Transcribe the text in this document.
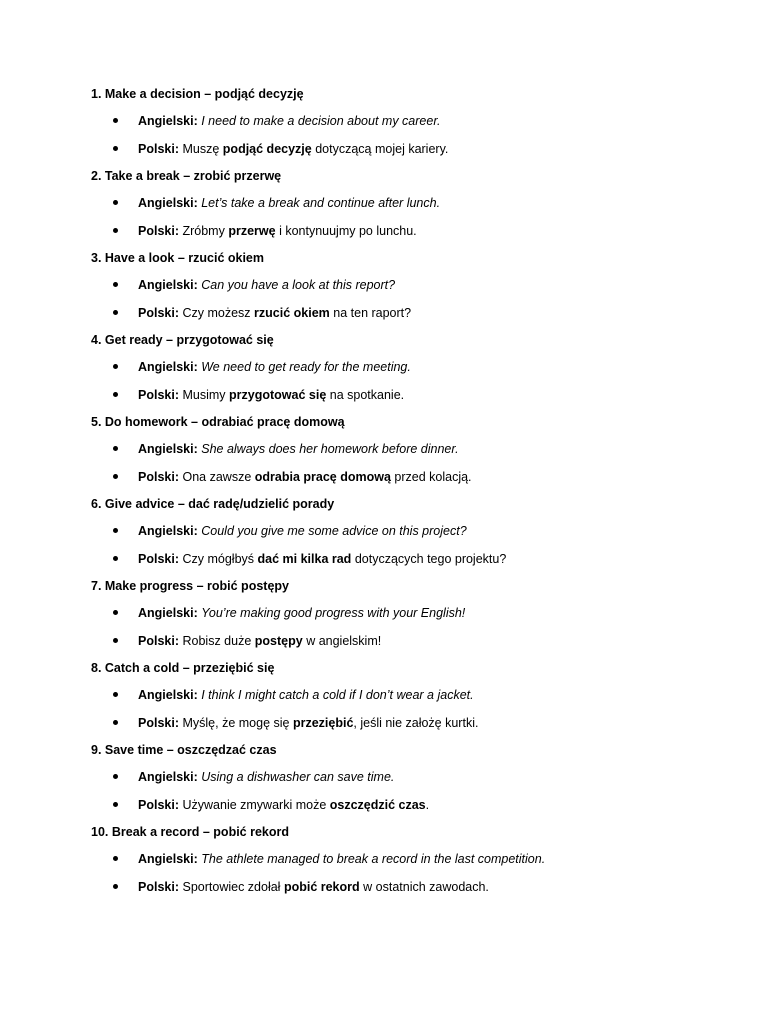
1. Make a decision – podjąć decyzję

Angielski: I need to make a decision about my career.
Polski: Muszę podjąć decyzję dotyczącą mojej kariery.

2. Take a break – zrobić przerwę

Angielski: Let’s take a break and continue after lunch.
Polski: Zróbmy przerwę i kontynuujmy po lunchu.

3. Have a look – rzucić okiem

Angielski: Can you have a look at this report?
Polski: Czy możesz rzucić okiem na ten raport?

4. Get ready – przygotować się

Angielski: We need to get ready for the meeting.
Polski: Musimy przygotować się na spotkanie.

5. Do homework – odrabiać pracę domową

Angielski: She always does her homework before dinner.
Polski: Ona zawsze odrabia pracę domową przed kolacją.

6. Give advice – dać radę/udzielić porady

Angielski: Could you give me some advice on this project?
Polski: Czy mógłbyś dać mi kilka rad dotyczących tego projektu?

7. Make progress – robić postępy

Angielski: You’re making good progress with your English!
Polski: Robisz duże postępy w angielskim!

8. Catch a cold – przeziębić się

Angielski: I think I might catch a cold if I don’t wear a jacket.
Polski: Myślę, że mogę się przeziębić, jeśli nie założę kurtki.

9. Save time – oszczędzać czas

Angielski: Using a dishwasher can save time.
Polski: Używanie zmywarki może oszczędzić czas.

10. Break a record – pobić rekord

Angielski: The athlete managed to break a record in the last competition.
Polski: Sportowiec zdołał pobić rekord w ostatnich zawodach.
